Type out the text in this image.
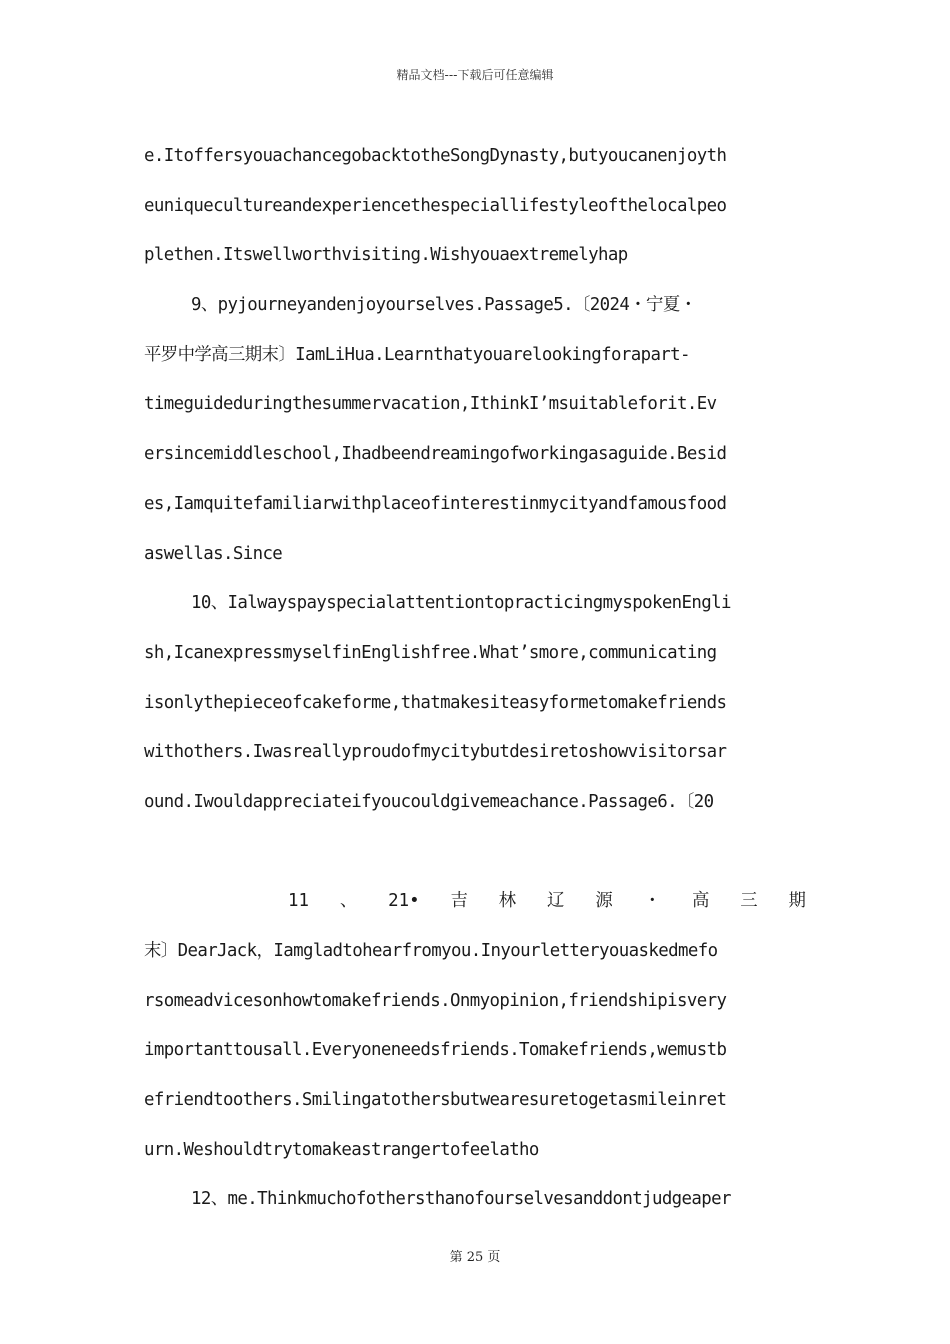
精品文档---下载后可任意编辑
e.ItoffersyouachancegobacktotheSongDynasty,butyoucanenjoyth
euniquecultureandexperiencethespeciallifestyleofthelocalpeo
plethen.Itswellworthvisiting.Wishyouaextremelyhap
9、pyjourneyandenjoyourselves.Passage5.〔2024・宁夏・
平罗中学高三期末〕IamLiHua.Learnthatyouarelookingforapart-
timeguideduringthesummervacation,IthinkI’msuitableforit.Ev
ersincemiddleschool,Ihadbeendreamingofworkingasaguide.Besid
es,Iamquitefamiliarwithplaceofinterestinmycityandfamousfood
aswellas.Since
10、IalwayspayspecialattentiontopracticingmyspokenEngli
sh,IcanexpressmyselfinEnglishfree.What’smore,communicating
isonlythepieceofcakeforme,thatmakesiteasyformetomakefriends
withothers.Iwasreallyproudofmycitybutdesiretoshowvisitorsar
ound.Iwouldappreciateifyoucouldgivemeachance.Passage6.〔20
11 、 21• 吉 林 辽 源 ・ 高 三 期
末〕DearJack，Iamgladtohearfromyou.Inyourletteryouaskedmefo
rsomeadvicesonhowtomakefriends.Onmyopinion,friendshipisvery
importanttousall.Everyoneneedsfriends.Tomakefriends,wemustb
efriendtoothers.Smilingatothersbutwearesuretogetasmileinret
urn.Weshouldtrytomakeastrangertofeelatho
12、me.Thinkmuchofothersthanofourselvesanddontjudgeaper
第 25 页
